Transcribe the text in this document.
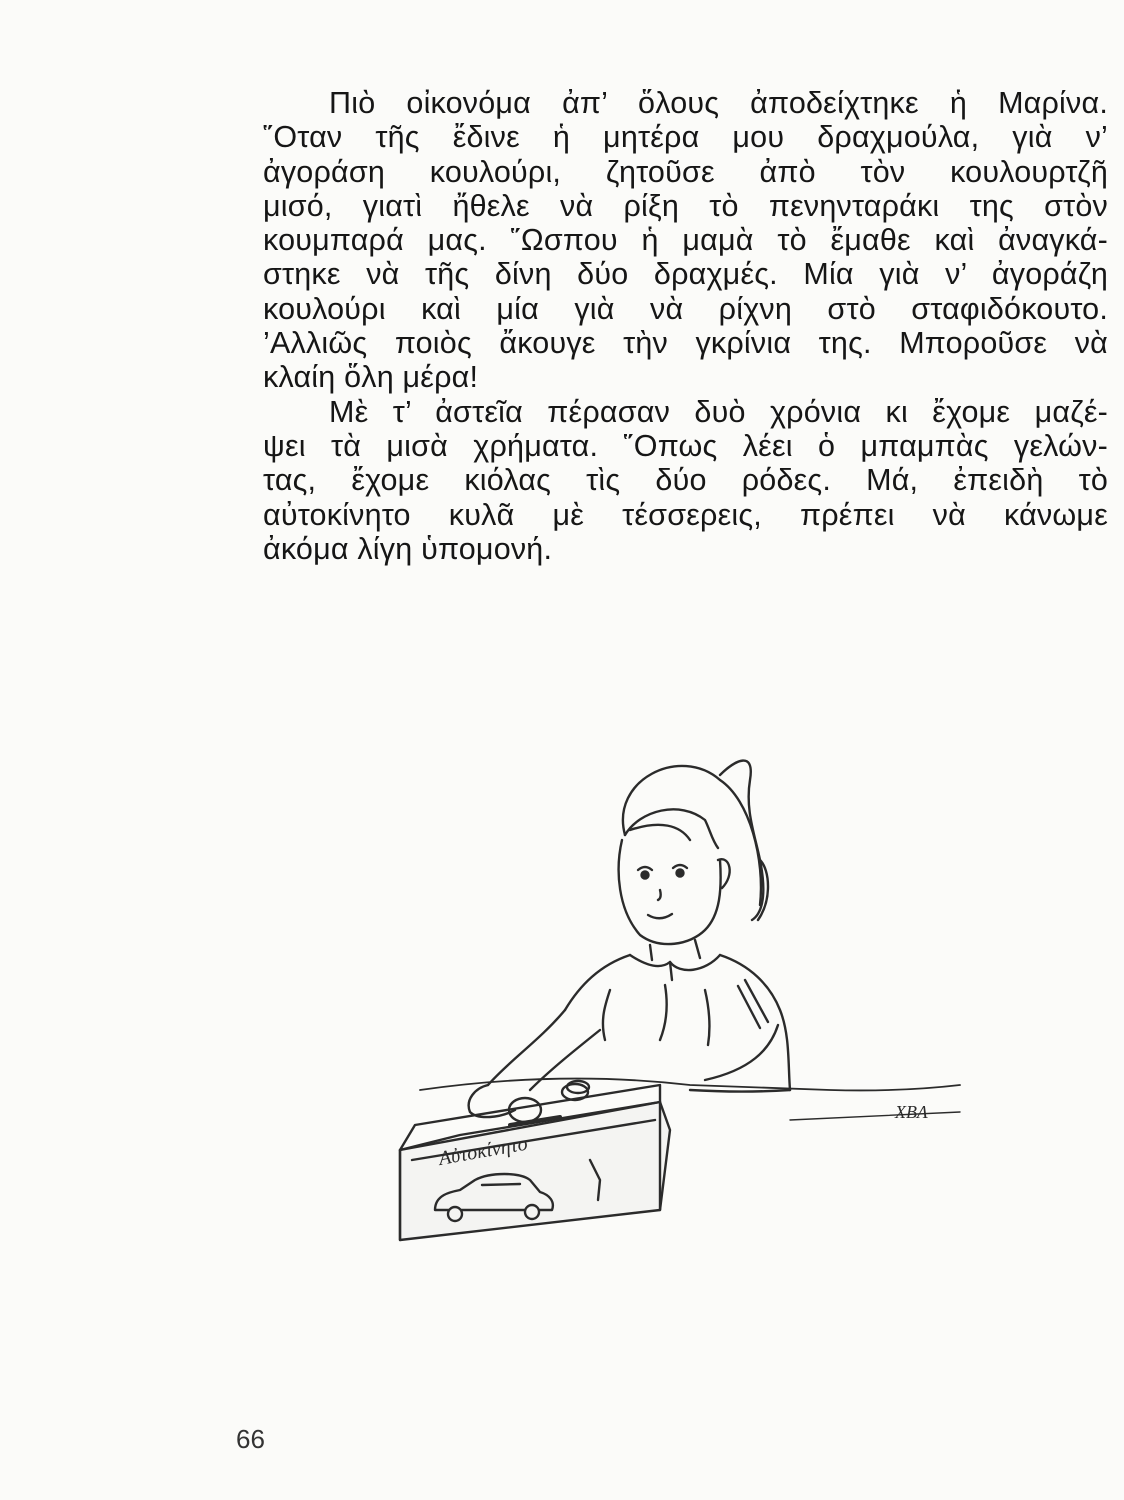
Πιὸ οἰκονόμα ἀπ’ ὅλους ἀποδείχτηκε ἡ Μαρίνα.
῞Οταν τῆς ἔδινε ἡ μητέρα μου δραχμούλα, γιὰ ν’
ἀγοράση κουλούρι, ζητοῦσε ἀπὸ τὸν κουλουρτζῆ
μισό, γιατὶ ἤθελε νὰ ρίξη τὸ πενηνταράκι της στὸν
κουμπαρά μας. ῞Ωσπου ἡ μαμὰ τὸ ἔμαθε καὶ ἀναγκά-
στηκε νὰ τῆς δίνη δύο δραχμές. Μία γιὰ ν’ ἀγοράζη
κουλούρι καὶ μία γιὰ νὰ ρίχνη στὸ σταφιδόκουτο.
’Αλλιῶς ποιὸς ἄκουγε τὴν γκρίνια της. Μποροῦσε νὰ
κλαίη ὅλη μέρα!
Μὲ τ’ ἀστεῖα πέρασαν δυὸ χρόνια κι ἔχομε μαζέ-
ψει τὰ μισὰ χρήματα. ῞Οπως λέει ὁ μπαμπὰς γελών-
τας, ἔχομε κιόλας τὶς δύο ρόδες. Μά, ἐπειδὴ τὸ
αὐτοκίνητο κυλᾶ μὲ τέσσερεις, πρέπει νὰ κάνωμε
ἀκόμα λίγη ὑπομονή.
Αὐτοκίνητο
ΧΒΛ
66
